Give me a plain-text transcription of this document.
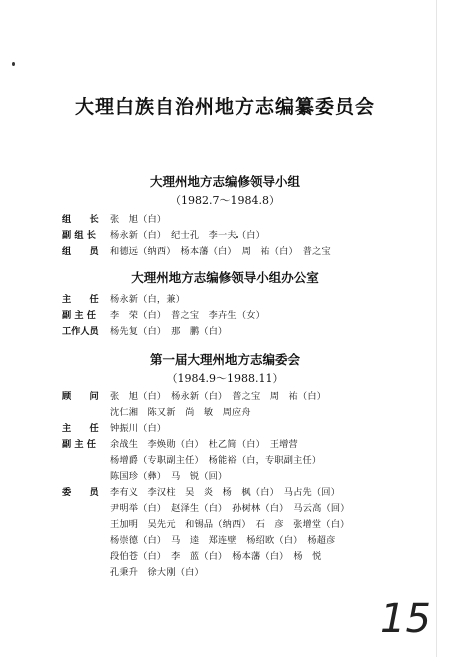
大理白族自治州地方志编纂委员会
大理州地方志编修领导小组
（1982.7～1984.8）
组　　长 张　旭（白）
副 组 长 杨永新（白）　纪士孔　李一夫（白）
组　　员 和德远（纳西）　杨本藩（白）　周　祐（白）　普之宝
大理州地方志编修领导小组办公室
主　　任 杨永新（白，兼）
副 主 任 李　荣（白）　普之宝　李卉生（女）
工作人员 杨先复（白）　那　鹏（白）
第一届大理州地方志编委会
（1984.9～1988.11）
顾　　问 张　旭（白）　杨永新（白）　普之宝　周　祐（白）
沈仁湘　陈又新　尚　敏　周应舟
主　　任 钟振川（白）
副 主 任 余战生　李焕勋（白）　杜乙简（白）　王增营
杨增爵（专职副主任）　杨能裕（白，专职副主任）
陈国珍（彝）　马　锐（回）
委　　员 李有义　李汉柱　吴　炎　杨　枫（白）　马占先（回）
尹明举（白）　赵泽生（白）　孙树林（白）　马云高（回）
王加明　吴先元　和锡品（纳西）　石　彦　张增堂（白）
杨崇德（白）　马　逵　郑连壁　杨绍欧（白）　杨超彦
段伯苍（白）　李　蓝（白）　杨本藩（白）　杨　悦
孔秉升　徐大刚（白）
15
